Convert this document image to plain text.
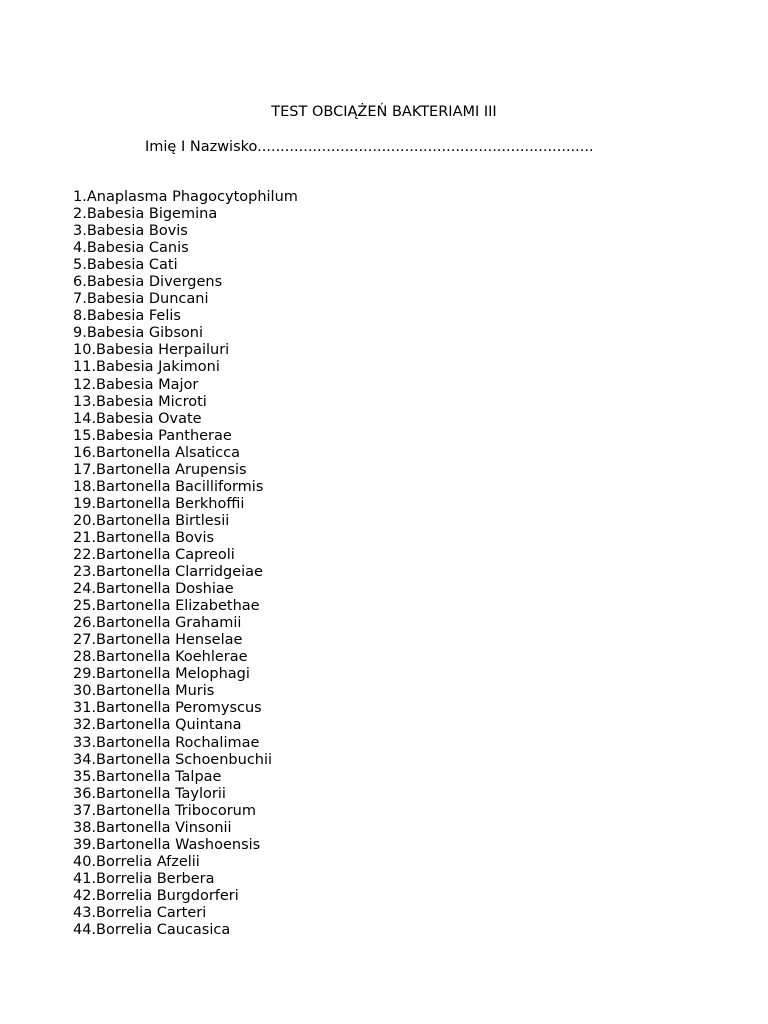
TEST OBCIĄŻEŃ BAKTERIAMI III
Imię I Nazwisko.........................................................................
1.Anaplasma Phagocytophilum
2.Babesia Bigemina
3.Babesia Bovis
4.Babesia Canis
5.Babesia Cati
6.Babesia Divergens
7.Babesia Duncani
8.Babesia Felis
9.Babesia Gibsoni
10.Babesia Herpailuri
11.Babesia Jakimoni
12.Babesia Major
13.Babesia Microti
14.Babesia Ovate
15.Babesia Pantherae
16.Bartonella Alsaticca
17.Bartonella Arupensis
18.Bartonella Bacilliformis
19.Bartonella Berkhoffii
20.Bartonella Birtlesii
21.Bartonella Bovis
22.Bartonella Capreoli
23.Bartonella Clarridgeiae
24.Bartonella Doshiae
25.Bartonella Elizabethae
26.Bartonella Grahamii
27.Bartonella Henselae
28.Bartonella Koehlerae
29.Bartonella Melophagi
30.Bartonella Muris
31.Bartonella Peromyscus
32.Bartonella Quintana
33.Bartonella Rochalimae
34.Bartonella Schoenbuchii
35.Bartonella Talpae
36.Bartonella Taylorii
37.Bartonella Tribocorum
38.Bartonella Vinsonii
39.Bartonella Washoensis
40.Borrelia Afzelii
41.Borrelia Berbera
42.Borrelia Burgdorferi
43.Borrelia Carteri
44.Borrelia Caucasica
